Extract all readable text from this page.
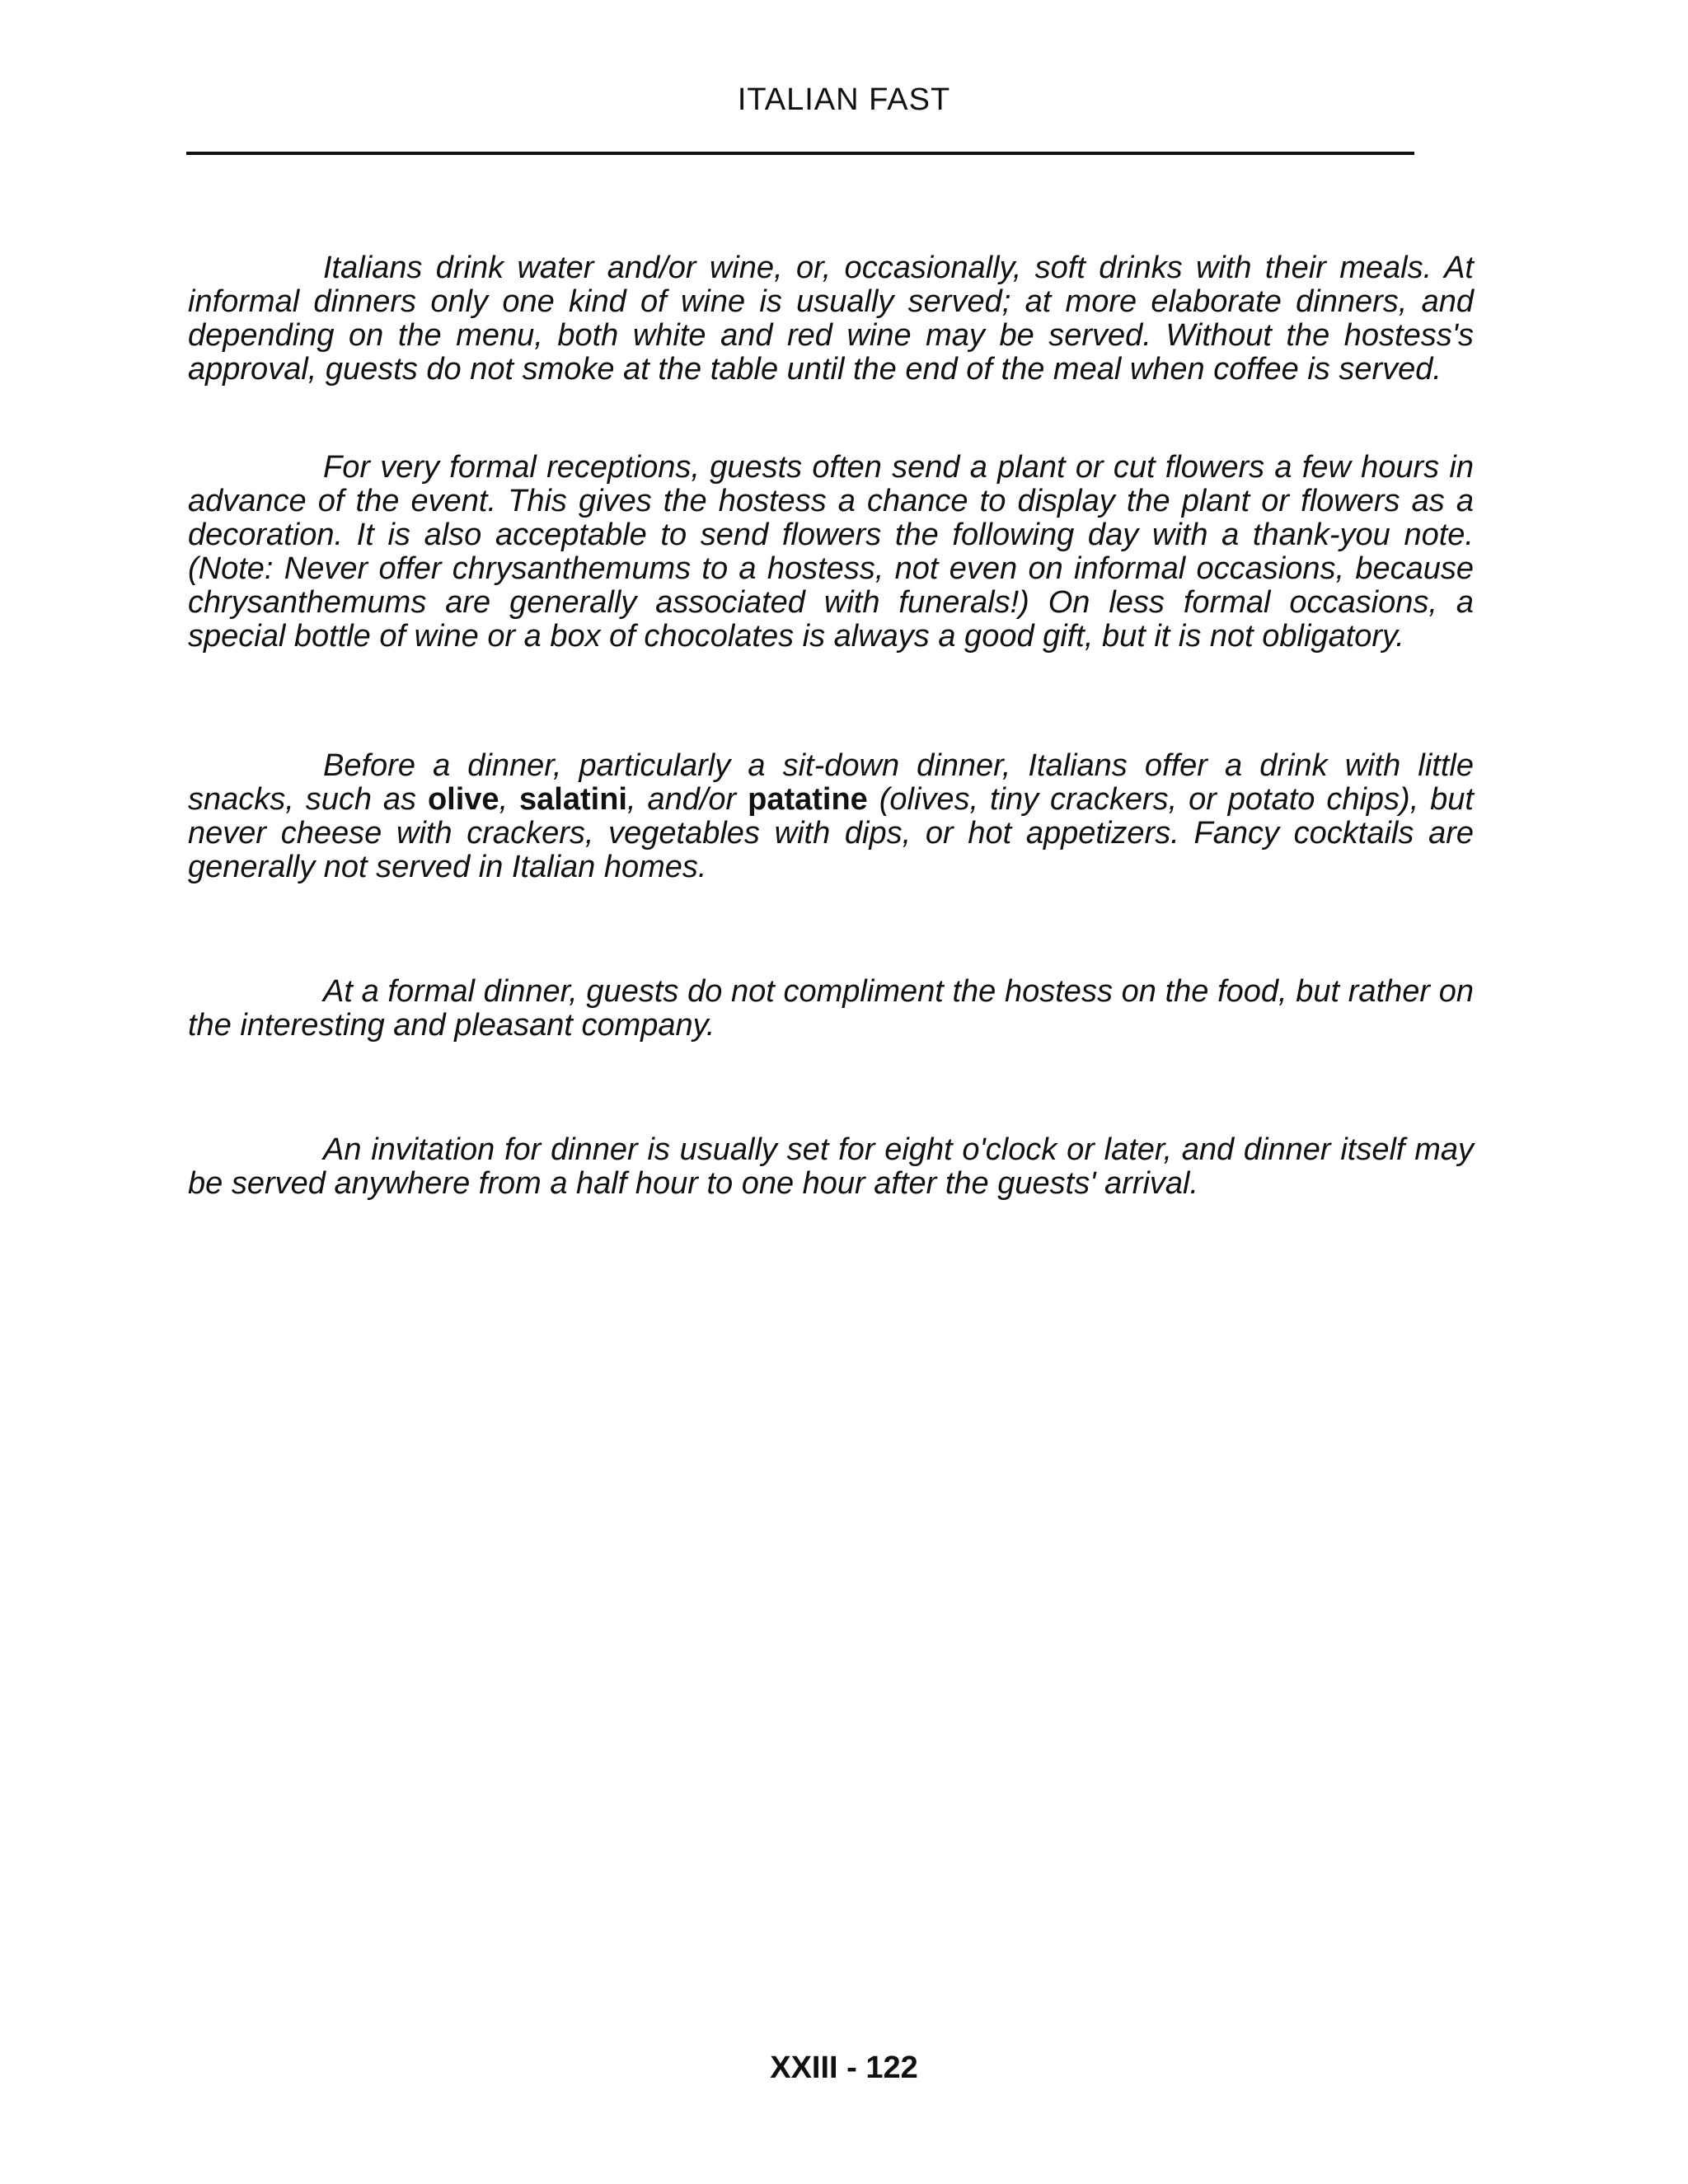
ITALIAN FAST

Italians drink water and/or wine, or, occasionally, soft drinks with their meals. At informal dinners only one kind of wine is usually served; at more elaborate dinners, and depending on the menu, both white and red wine may be served. Without the hostess's approval, guests do not smoke at the table until the end of the meal when coffee is served.

For very formal receptions, guests often send a plant or cut flowers a few hours in advance of the event. This gives the hostess a chance to display the plant or flowers as a decoration. It is also acceptable to send flowers the following day with a thank-you note. (Note: Never offer chrysanthemums to a hostess, not even on informal occasions, because chrysanthemums are generally associated with funerals!) On less formal occasions, a special bottle of wine or a box of chocolates is always a good gift, but it is not obligatory.

Before a dinner, particularly a sit-down dinner, Italians offer a drink with little snacks, such as olive, salatini, and/or patatine (olives, tiny crackers, or potato chips), but never cheese with crackers, vegetables with dips, or hot appetizers. Fancy cocktails are generally not served in Italian homes.

At a formal dinner, guests do not compliment the hostess on the food, but rather on the interesting and pleasant company.

An invitation for dinner is usually set for eight o'clock or later, and dinner itself may be served anywhere from a half hour to one hour after the guests' arrival.

XXIII - 122
